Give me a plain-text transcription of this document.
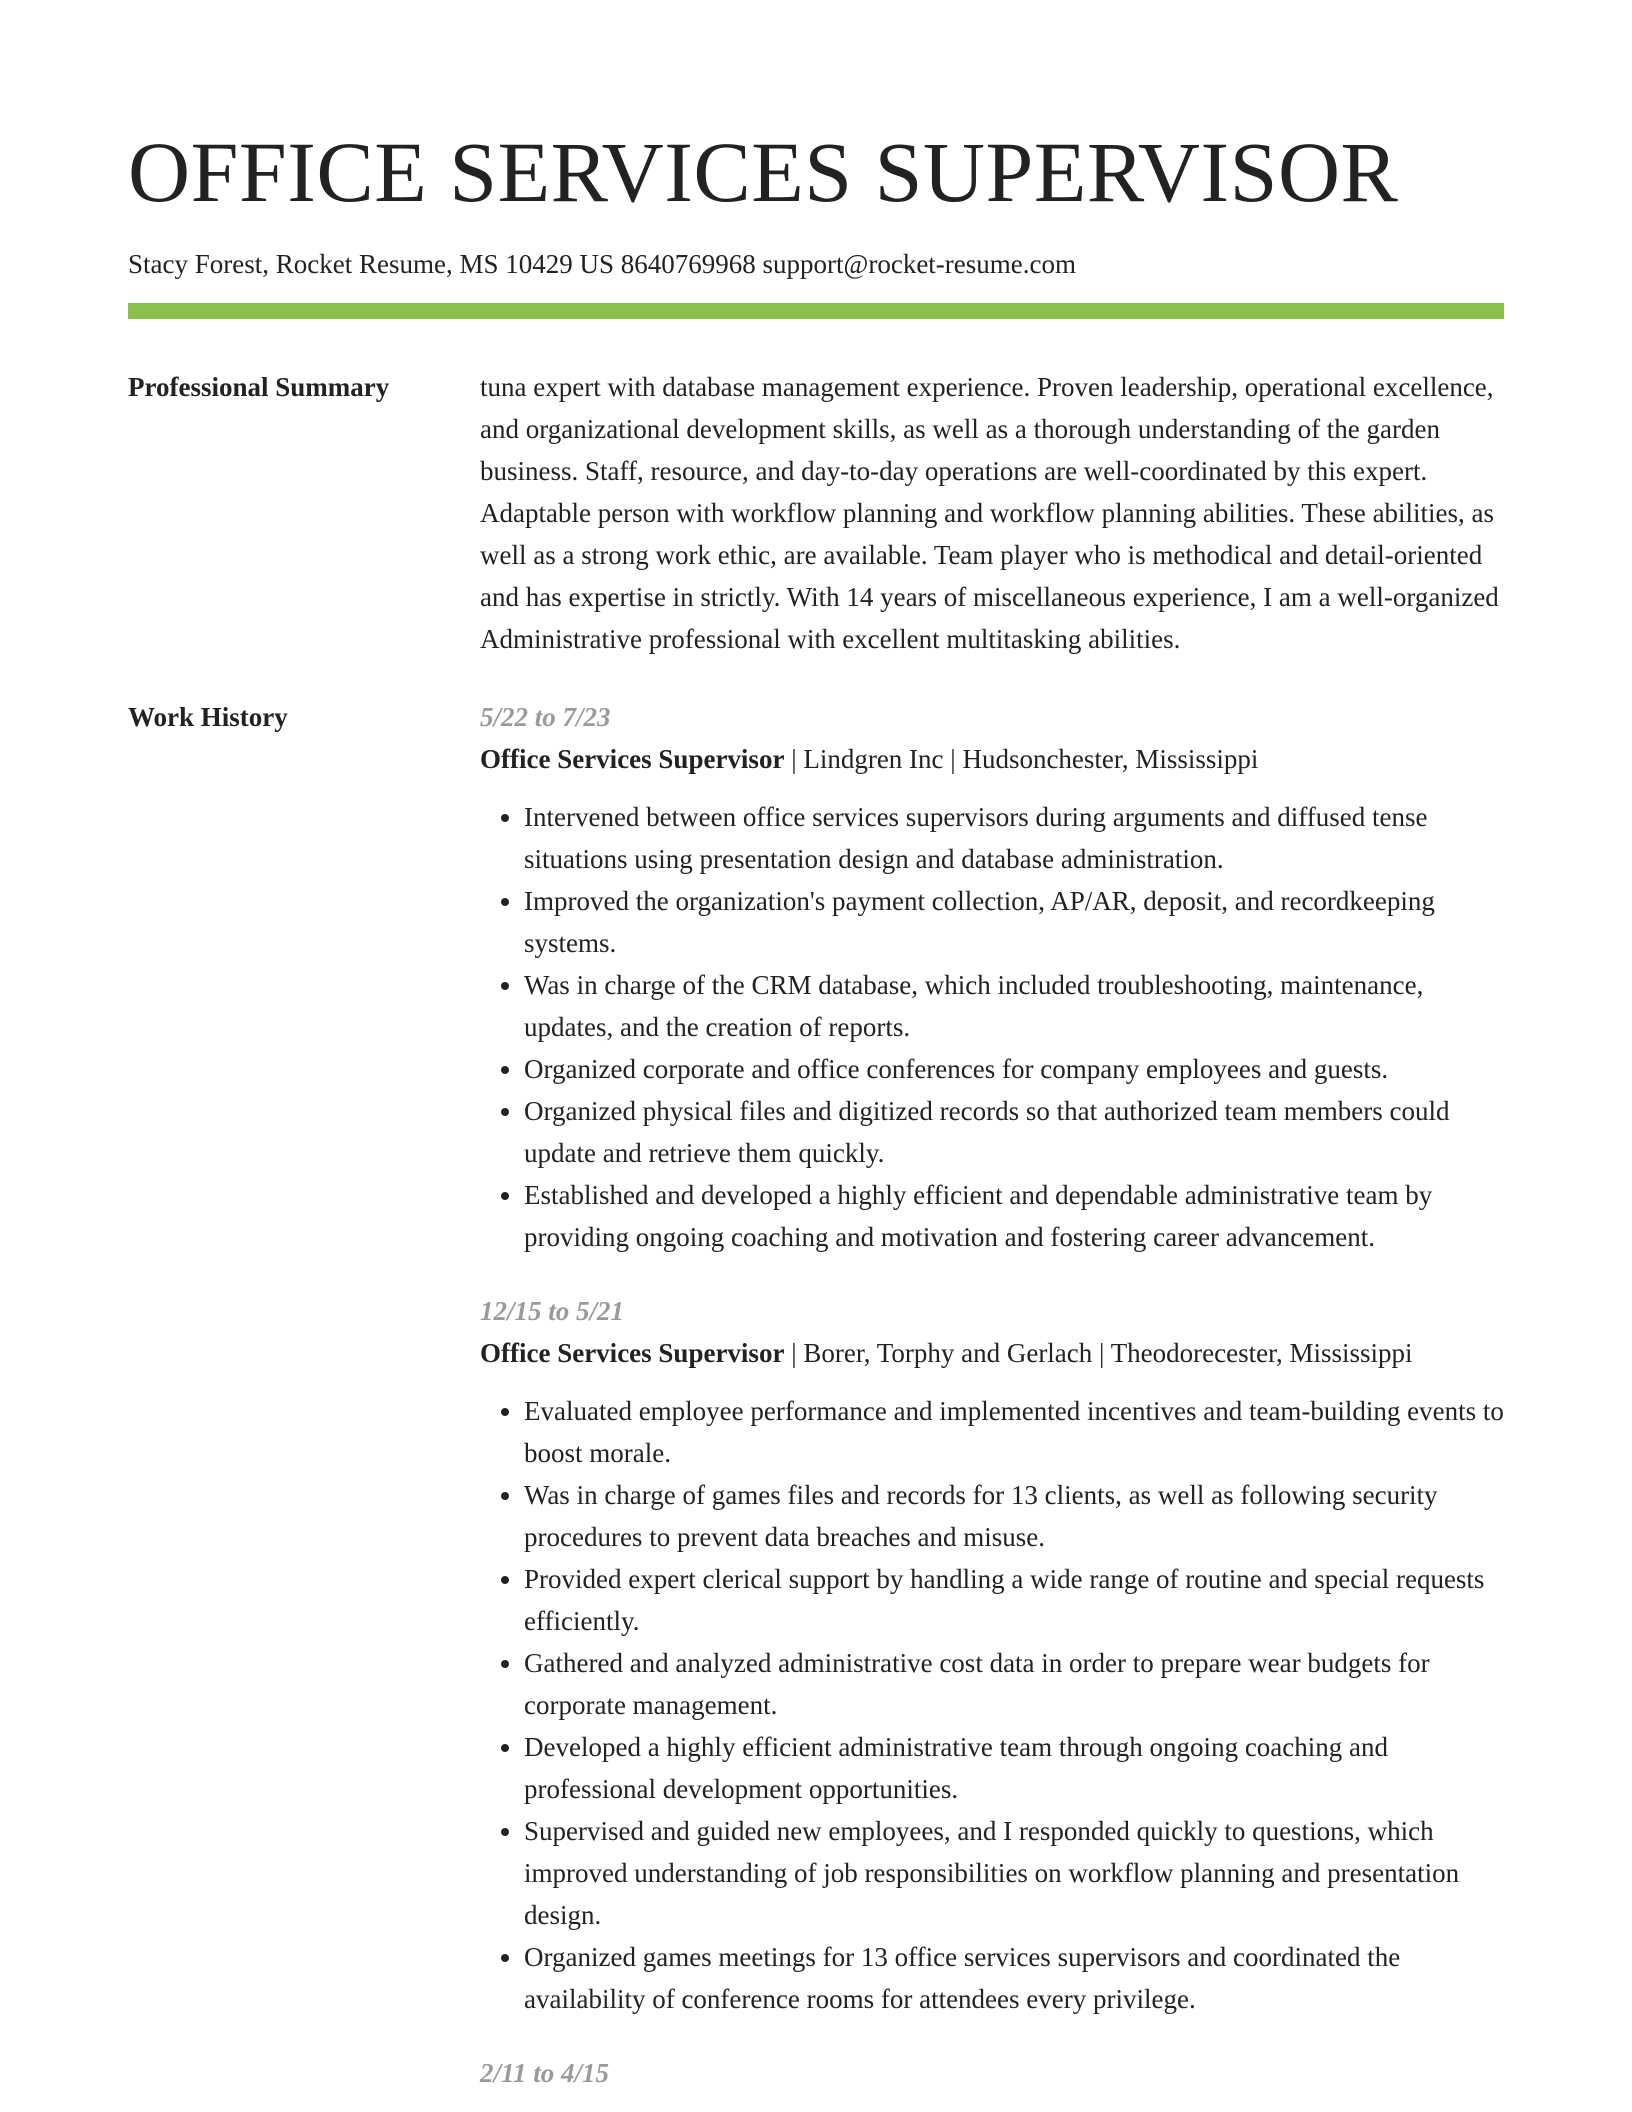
OFFICE SERVICES SUPERVISOR
Stacy Forest, Rocket Resume, MS 10429 US 8640769968 support@rocket-resume.com
Professional Summary	tuna expert with database management experience. Proven leadership, operational excellence, and organizational development skills, as well as a thorough understanding of the garden business. Staff, resource, and day-to-day operations are well-coordinated by this expert. Adaptable person with workflow planning and workflow planning abilities. These abilities, as well as a strong work ethic, are available. Team player who is methodical and detail-oriented and has expertise in strictly. With 14 years of miscellaneous experience, I am a well-organized Administrative professional with excellent multitasking abilities.

Work History	5/22 to 7/23
Office Services Supervisor | Lindgren Inc | Hudsonchester, Mississippi
• Intervened between office services supervisors during arguments and diffused tense situations using presentation design and database administration.
• Improved the organization's payment collection, AP/AR, deposit, and recordkeeping systems.
• Was in charge of the CRM database, which included troubleshooting, maintenance, updates, and the creation of reports.
• Organized corporate and office conferences for company employees and guests.
• Organized physical files and digitized records so that authorized team members could update and retrieve them quickly.
• Established and developed a highly efficient and dependable administrative team by providing ongoing coaching and motivation and fostering career advancement.
12/15 to 5/21
Office Services Supervisor | Borer, Torphy and Gerlach | Theodorecester, Mississippi
• Evaluated employee performance and implemented incentives and team-building events to boost morale.
• Was in charge of games files and records for 13 clients, as well as following security procedures to prevent data breaches and misuse.
• Provided expert clerical support by handling a wide range of routine and special requests efficiently.
• Gathered and analyzed administrative cost data in order to prepare wear budgets for corporate management.
• Developed a highly efficient administrative team through ongoing coaching and professional development opportunities.
• Supervised and guided new employees, and I responded quickly to questions, which improved understanding of job responsibilities on workflow planning and presentation design.
• Organized games meetings for 13 office services supervisors and coordinated the availability of conference rooms for attendees every privilege.
2/11 to 4/15
